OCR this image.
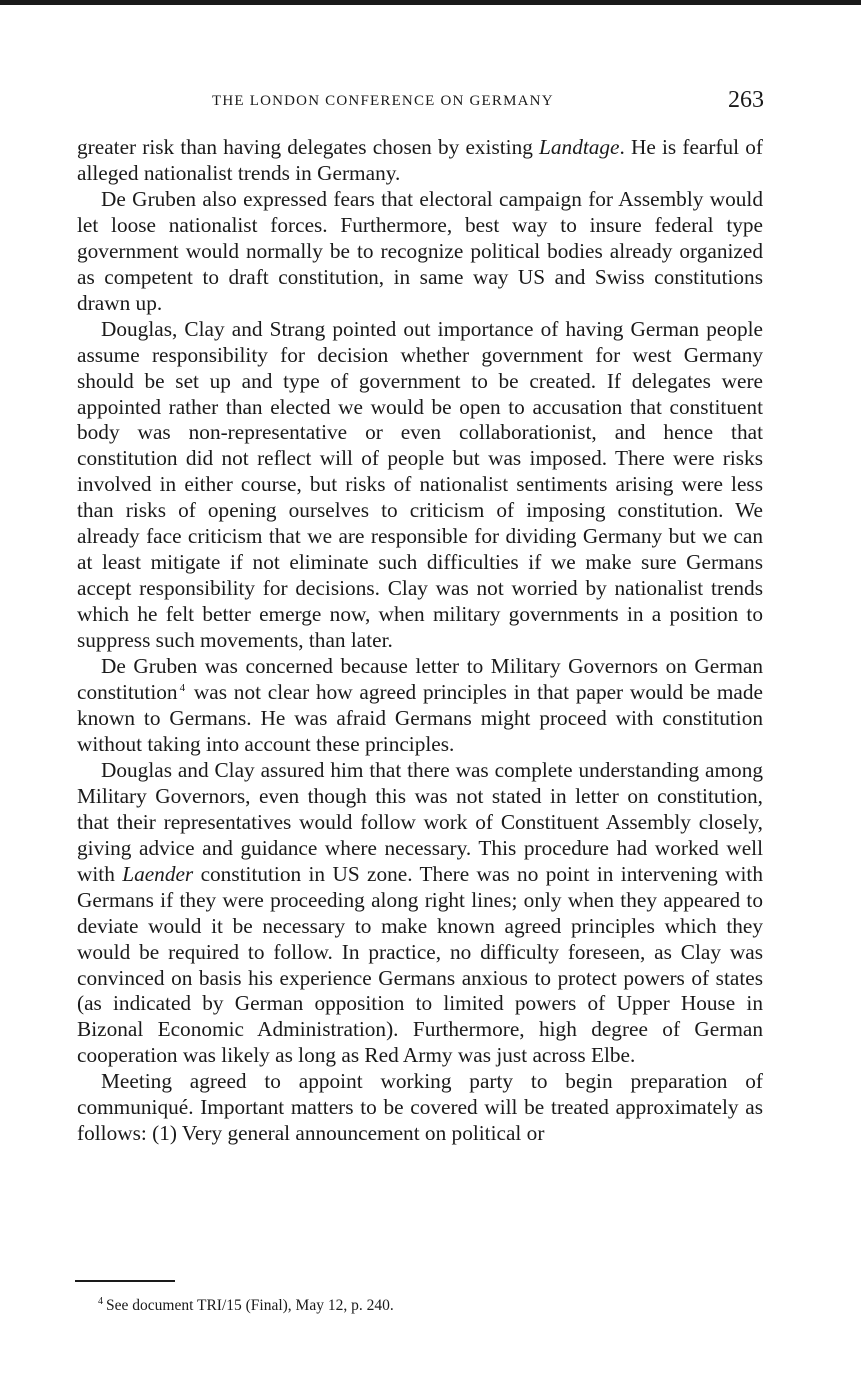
THE LONDON CONFERENCE ON GERMANY	263

greater risk than having delegates chosen by existing Landtage. He is fearful of alleged nationalist trends in Germany.

De Gruben also expressed fears that electoral campaign for Assembly would let loose nationalist forces. Furthermore, best way to insure federal type government would normally be to recognize political bodies already organized as competent to draft constitution, in same way US and Swiss constitutions drawn up.

Douglas, Clay and Strang pointed out importance of having German people assume responsibility for decision whether government for west Germany should be set up and type of government to be created. If delegates were appointed rather than elected we would be open to accusation that constituent body was non-representative or even collaborationist, and hence that constitution did not reflect will of people but was imposed. There were risks involved in either course, but risks of nationalist sentiments arising were less than risks of opening ourselves to criticism of imposing constitution. We already face criticism that we are responsible for dividing Germany but we can at least mitigate if not eliminate such difficulties if we make sure Germans accept responsibility for decisions. Clay was not worried by nationalist trends which he felt better emerge now, when military governments in a position to suppress such movements, than later.

De Gruben was concerned because letter to Military Governors on German constitution $^4$ was not clear how agreed principles in that paper would be made known to Germans. He was afraid Germans might proceed with constitution without taking into account these principles.

Douglas and Clay assured him that there was complete understanding among Military Governors, even though this was not stated in letter on constitution, that their representatives would follow work of Constituent Assembly closely, giving advice and guidance where necessary. This procedure had worked well with Laender constitution in US zone. There was no point in intervening with Germans if they were proceeding along right lines; only when they appeared to deviate would it be necessary to make known agreed principles which they would be required to follow. In practice, no difficulty foreseen, as Clay was convinced on basis his experience Germans anxious to protect powers of states (as indicated by German opposition to limited powers of Upper House in Bizonal Economic Administration). Furthermore, high degree of German cooperation was likely as long as Red Army was just across Elbe.

Meeting agreed to appoint working party to begin preparation of communiqué. Important matters to be covered will be treated approximately as follows: (1) Very general announcement on political or

$^4$ See document TRI/15 (Final), May 12, p. 240.
